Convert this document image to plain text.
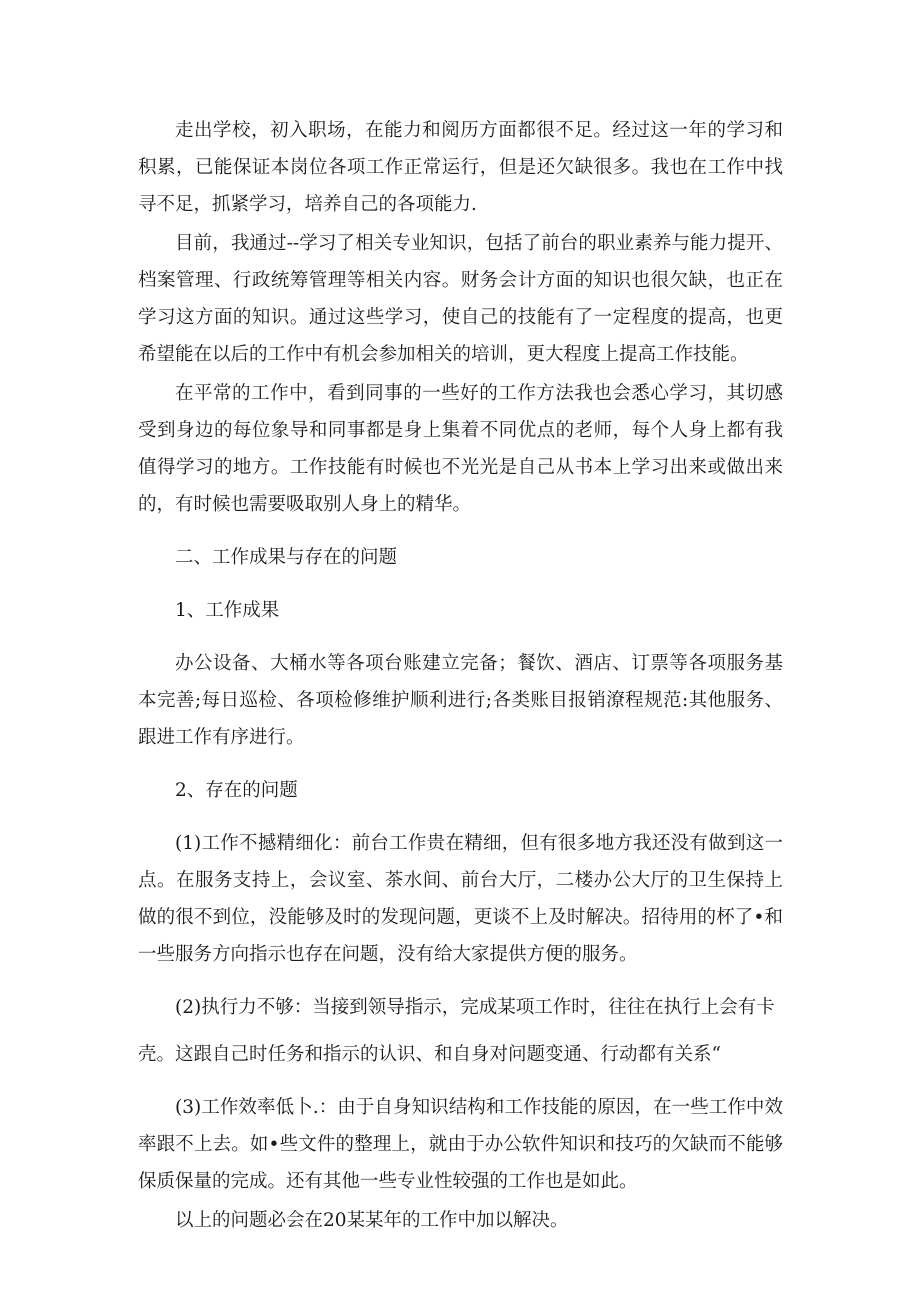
走出学校，初入职场，在能力和阅历方面都很不足。经过这一年的学习和积累，已能保证本岗位各项工作正常运行，但是还欠缺很多。我也在工作中找寻不足，抓紧学习，培养自己的各项能力.

目前，我通过--学习了相关专业知识，包括了前台的职业素养与能力提开、档案管理、行政统筹管理等相关内容。财务会计方面的知识也很欠缺，也正在学习这方面的知识。通过这些学习，使自己的技能有了一定程度的提高，也更希望能在以后的工作中有机会参加相关的培训，更大程度上提高工作技能。

在平常的工作中，看到同事的一些好的工作方法我也会悉心学习，其切感受到身边的每位象导和同事都是身上集着不同优点的老师，每个人身上都有我值得学习的地方。工作技能有时候也不光光是自己从书本上学习出来或做出来的，有时候也需要吸取别人身上的精华。

二、工作成果与存在的问题

1、工作成果

办公设备、大桶水等各项台账建立完备；餐饮、酒店、订票等各项服务基本完善;每日巡检、各项检修维护顺利进行;各类账目报销潦程规范:其他服务、跟进工作有序进行。

2、存在的问题

(1)工作不撼精细化：前台工作贵在精细，但有很多地方我还没有做到这一点。在服务支持上，会议室、茶水间、前台大厅，二楼办公大厅的卫生保持上做的很不到位，没能够及时的发现问题，更谈不上及时解决。招待用的杯了•和一些服务方向指示也存在问题，没有给大家提供方便的服务。

(2)执行力不够：当接到领导指示，完成某项工作时，往往在执行上会有卡

壳。这跟自己时任务和指示的认识、和自身对问题变通、行动都有关系“

(3)工作效率低卜.：由于自身知识结构和工作技能的原因，在一些工作中效率跟不上去。如•些文件的整理上，就由于办公软件知识和技巧的欠缺而不能够保质保量的完成。还有其他一些专业性较强的工作也是如此。

以上的问题必会在20某某年的工作中加以解决。
